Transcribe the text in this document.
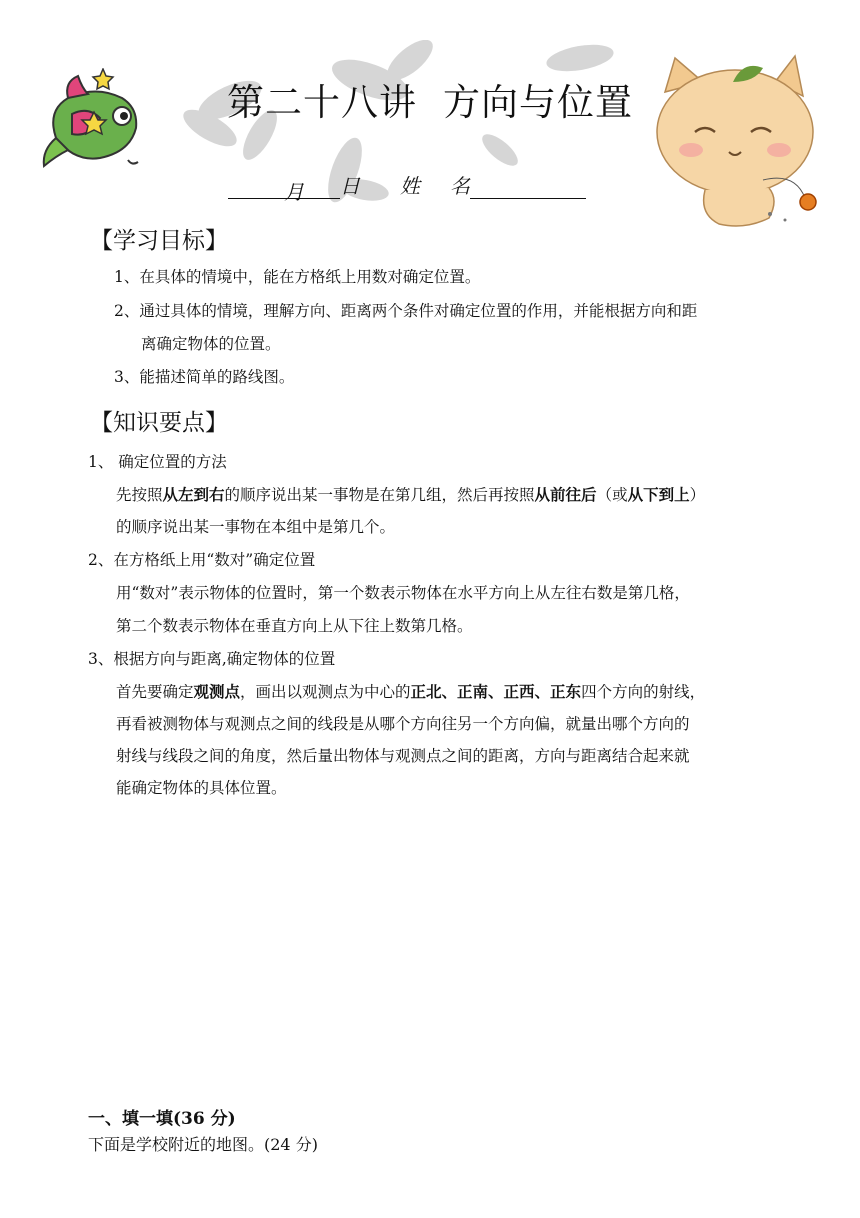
第二十八讲 方向与位置
月 日 姓 名
【学习目标】
1、在具体的情境中，能在方格纸上用数对确定位置。
2、通过具体的情境，理解方向、距离两个条件对确定位置的作用，并能根据方向和距
离确定物体的位置。
3、能描述简单的路线图。
【知识要点】
1、 确定位置的方法
先按照从左到右的顺序说出某一事物是在第几组，然后再按照从前往后（或从下到上）
的顺序说出某一事物在本组中是第几个。
2、在方格纸上用“数对”确定位置
用“数对”表示物体的位置时，第一个数表示物体在水平方向上从左往右数是第几格，
第二个数表示物体在垂直方向上从下往上数第几格。
3、根据方向与距离,确定物体的位置
首先要确定观测点，画出以观测点为中心的正北、正南、正西、正东四个方向的射线，
再看被测物体与观测点之间的线段是从哪个方向往另一个方向偏，就量出哪个方向的
射线与线段之间的角度，然后量出物体与观测点之间的距离，方向与距离结合起来就
能确定物体的具体位置。
一、填一填(36 分)
下面是学校附近的地图。(24 分)
